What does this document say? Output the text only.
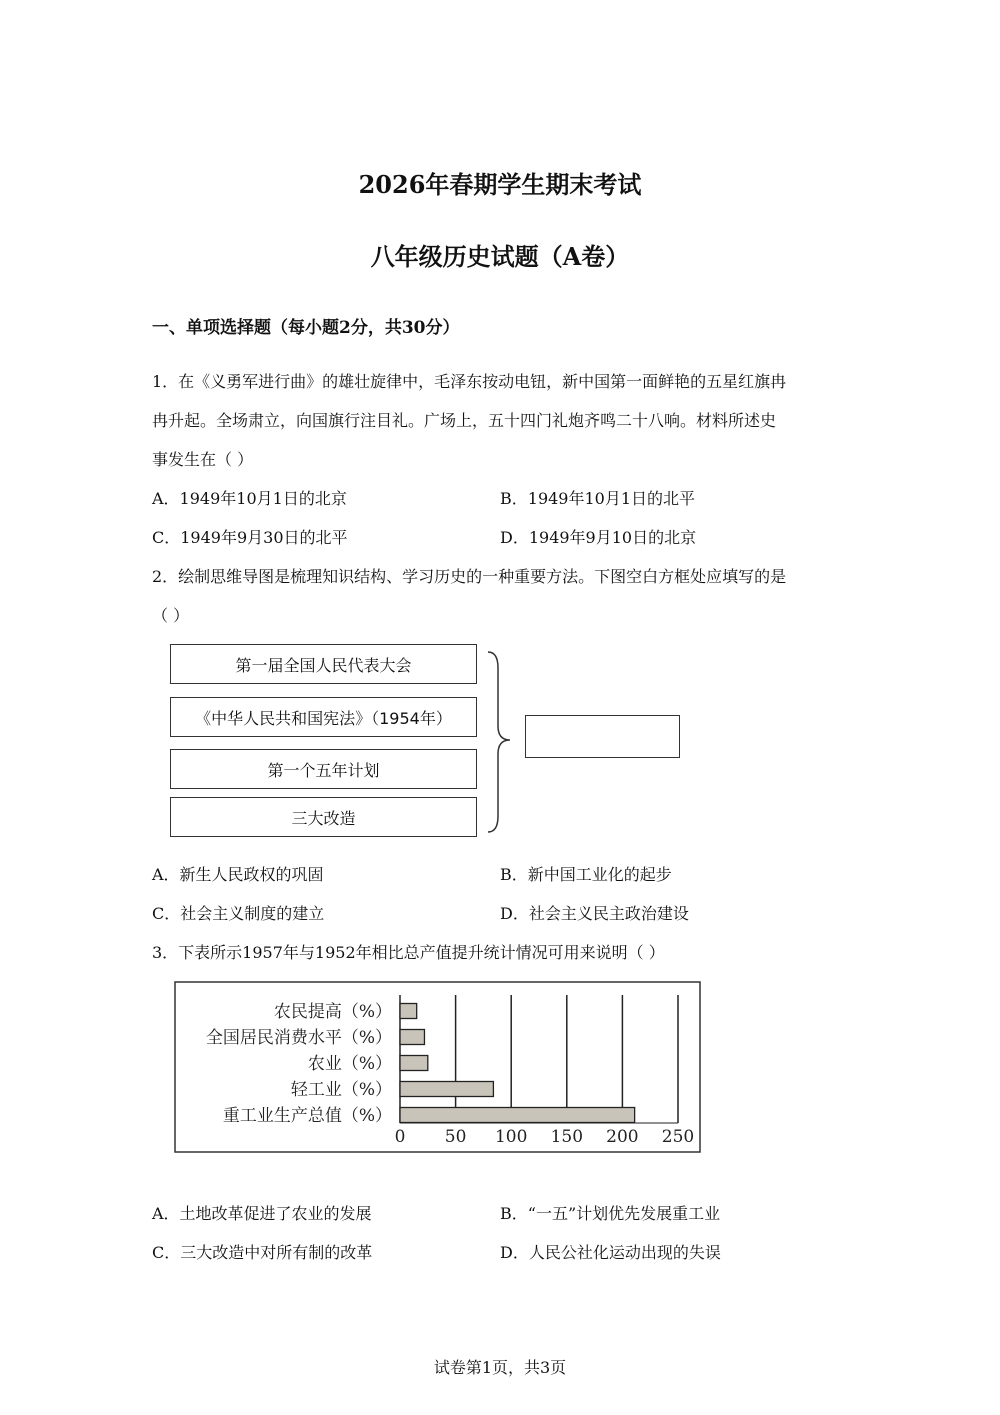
2026年春期学生期末考试
八年级历史试题（A卷）
一、单项选择题（每小题2分，共30分）
1．在《义勇军进行曲》的雄壮旋律中，毛泽东按动电钮，新中国第一面鲜艳的五星红旗冉
冉升起。全场肃立，向国旗行注目礼。广场上，五十四门礼炮齐鸣二十八响。材料所述史
事发生在（ ）
A．1949年10月1日的北京	B．1949年10月1日的北平
C．1949年9月30日的北平	D．1949年9月10日的北京
2．绘制思维导图是梳理知识结构、学习历史的一种重要方法。下图空白方框处应填写的是
（ ）
第一届全国人民代表大会
《中华人民共和国宪法》（1954年）
第一个五年计划
三大改造
A．新生人民政权的巩固	B．新中国工业化的起步
C．社会主义制度的建立	D．社会主义民主政治建设
3．下表所示1957年与1952年相比总产值提升统计情况可用来说明（ ）
农民提高（%）
全国居民消费水平（%）
农业（%）
轻工业（%）
重工业生产总值（%）
0 50 100 150 200 250
A．土地改革促进了农业的发展	B．“一五”计划优先发展重工业
C．三大改造中对所有制的改革	D．人民公社化运动出现的失误
试卷第1页，共3页
